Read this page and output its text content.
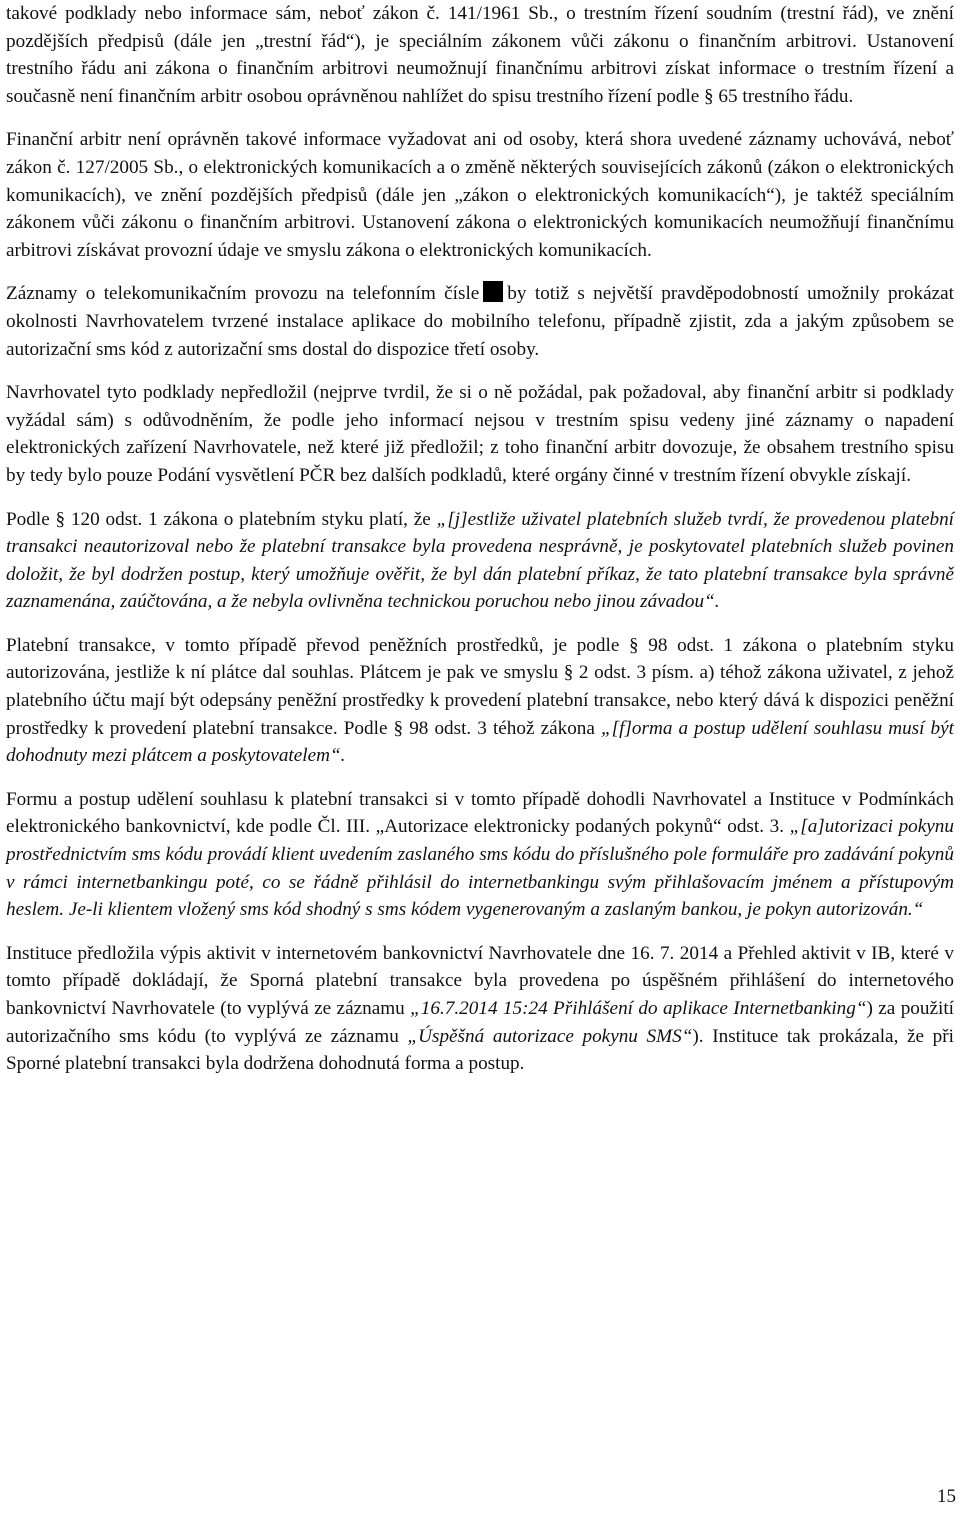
takové podklady nebo informace sám, neboť zákon č. 141/1961 Sb., o trestním řízení soudním (trestní řád), ve znění pozdějších předpisů (dále jen „trestní řád“), je speciálním zákonem vůči zákonu o finančním arbitrovi. Ustanovení trestního řádu ani zákona o finančním arbitrovi neumožnují finančnímu arbitrovi získat informace o trestním řízení a současně není finančním arbitr osobou oprávněnou nahlížet do spisu trestního řízení podle § 65 trestního řádu.

Finanční arbitr není oprávněn takové informace vyžadovat ani od osoby, která shora uvedené záznamy uchovává, neboť zákon č. 127/2005 Sb., o elektronických komunikacích a o změně některých souvisejících zákonů (zákon o elektronických komunikacích), ve znění pozdějších předpisů (dále jen „zákon o elektronických komunikacích“), je taktéž speciálním zákonem vůči zákonu o finančním arbitrovi. Ustanovení zákona o elektronických komunikacích neumožňují finančnímu arbitrovi získávat provozní údaje ve smyslu zákona o elektronických komunikacích.

Záznamy o telekomunikačním provozu na telefonním čísle by totiž s největší pravděpodobností umožnily prokázat okolnosti Navrhovatelem tvrzené instalace aplikace do mobilního telefonu, případně zjistit, zda a jakým způsobem se autorizační sms kód z autorizační sms dostal do dispozice třetí osoby.

Navrhovatel tyto podklady nepředložil (nejprve tvrdil, že si o ně požádal, pak požadoval, aby finanční arbitr si podklady vyžádal sám) s odůvodněním, že podle jeho informací nejsou v trestním spisu vedeny jiné záznamy o napadení elektronických zařízení Navrhovatele, než které již předložil; z toho finanční arbitr dovozuje, že obsahem trestního spisu by tedy bylo pouze Podání vysvětlení PČR bez dalších podkladů, které orgány činné v trestním řízení obvykle získají.

Podle § 120 odst. 1 zákona o platebním styku platí, že „[j]estliže uživatel platebních služeb tvrdí, že provedenou platební transakci neautorizoval nebo že platební transakce byla provedena nesprávně, je poskytovatel platebních služeb povinen doložit, že byl dodržen postup, který umožňuje ověřit, že byl dán platební příkaz, že tato platební transakce byla správně zaznamenána, zaúčtována, a že nebyla ovlivněna technickou poruchou nebo jinou závadou“.

Platební transakce, v tomto případě převod peněžních prostředků, je podle § 98 odst. 1 zákona o platebním styku autorizována, jestliže k ní plátce dal souhlas. Plátcem je pak ve smyslu § 2 odst. 3 písm. a) téhož zákona uživatel, z jehož platebního účtu mají být odepsány peněžní prostředky k provedení platební transakce, nebo který dává k dispozici peněžní prostředky k provedení platební transakce. Podle § 98 odst. 3 téhož zákona „[f]orma a postup udělení souhlasu musí být dohodnuty mezi plátcem a poskytovatelem“.

Formu a postup udělení souhlasu k platební transakci si v tomto případě dohodli Navrhovatel a Instituce v Podmínkách elektronického bankovnictví, kde podle Čl. III. „Autorizace elektronicky podaných pokynů“ odst. 3. „[a]utorizaci pokynu prostřednictvím sms kódu provádí klient uvedením zaslaného sms kódu do příslušného pole formuláře pro zadávání pokynů v rámci internetbankingu poté, co se řádně přihlásil do internetbankingu svým přihlašovacím jménem a přístupovým heslem. Je-li klientem vložený sms kód shodný s sms kódem vygenerovaným a zaslaným bankou, je pokyn autorizován.“

Instituce předložila výpis aktivit v internetovém bankovnictví Navrhovatele dne 16. 7. 2014 a Přehled aktivit v IB, které v tomto případě dokládají, že Sporná platební transakce byla provedena po úspěšném přihlášení do internetového bankovnictví Navrhovatele (to vyplývá ze záznamu „16.7.2014 15:24 Přihlášení do aplikace Internetbanking“) za použití autorizačního sms kódu (to vyplývá ze záznamu „Úspěšná autorizace pokynu SMS“). Instituce tak prokázala, že při Sporné platební transakci byla dodržena dohodnutá forma a postup.

15
